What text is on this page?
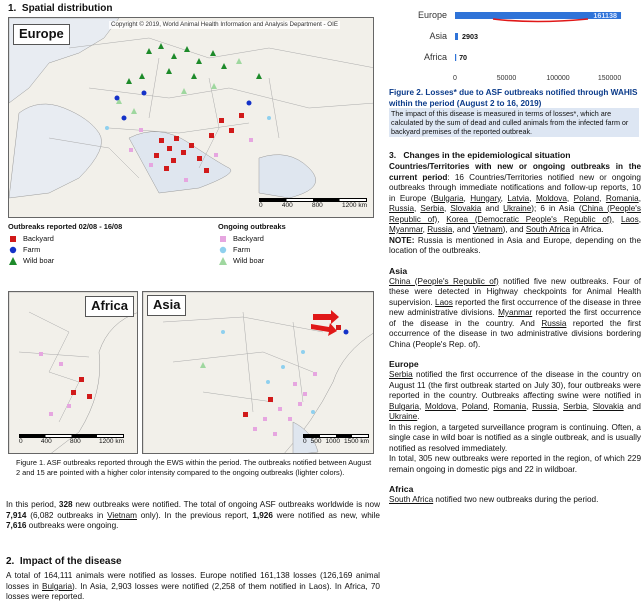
1. Spatial distribution
Copyright © 2019, World Animal Health Information and Analysis Department - OIE
Europe
0	400	800	1200 km
Outbreaks reported 02/08 - 16/08
Backyard
Farm
Wild boar
Ongoing outbreaks
Backyard
Farm
Wild boar
Africa
0	400	800	1200 km
Asia
0 500 1000 1500 km
Figure 1. ASF outbreaks reported through the EWS within the period. The outbreaks notified between August 2 and 15 are pointed with a higher color intensity compared to the ongoing outbreaks (lighter colors).
In this period, 328 new outbreaks were notified. The total of ongoing ASF outbreaks worldwide is now 7,914 (6,082 outbreaks in Vietnam only). In the previous report, 1,926 were notified as new, while 7,616 outbreaks were ongoing.
2. Impact of the disease
A total of 164,111 animals were notified as losses. Europe notified 161,138 losses (126,169 animal losses in Bulgaria). In Asia, 2,903 losses were notified (2,258 of them notified in Laos). In Africa, 70 losses were reported.
Europe
Asia
Africa
161138
2903
70
0	50000	100000	150000
Figure 2. Losses* due to ASF outbreaks notified through WAHIS within the period (August 2 to 16, 2019)
The impact of this disease is measured in terms of losses*, which are calculated by the sum of dead and culled animals from the infected farm or backyard premises of the reported outbreak.
3. Changes in the epidemiological situation
Countries/Territories with new or ongoing outbreaks in the current period: 16 Countries/Territories notified new or ongoing outbreaks through immediate notifications and follow-up reports, 10 in Europe (Bulgaria, Hungary, Latvia, Moldova, Poland, Romania, Russia, Serbia, Slovakia and Ukraine); 6 in Asia (China (People's Republic of), Korea (Democratic People's Republic of), Laos, Myanmar, Russia, and Vietnam), and South Africa in Africa.
NOTE: Russia is mentioned in Asia and Europe, depending on the location of the outbreaks.
Asia
China (People's Republic of) notified five new outbreaks. Four of these were detected in Highway checkpoints for Animal Health supervision. Laos reported the first occurrence of the disease in three new administrative divisions. Myanmar reported the first occurrence of the disease in the country. And Russia reported the first occurrence of the disease in two administrative divisions bordering China (People's Rep. of).
Europe
Serbia notified the first occurrence of the disease in the country on August 11 (the first outbreak started on July 30), four outbreaks were reported in the country. Outbreaks affecting swine were notified in Bulgaria, Moldova, Poland, Romania, Russia, Serbia, Slovakia and Ukraine.
In this region, a targeted surveillance program is continuing. Often, a single case in wild boar is notified as a single outbreak, and is usually notified as resolved immediately.
In total, 305 new outbreaks were reported in the region, of which 229 remain ongoing in domestic pigs and 22 in wildboar.
Africa
South Africa notified two new outbreaks during the period.
